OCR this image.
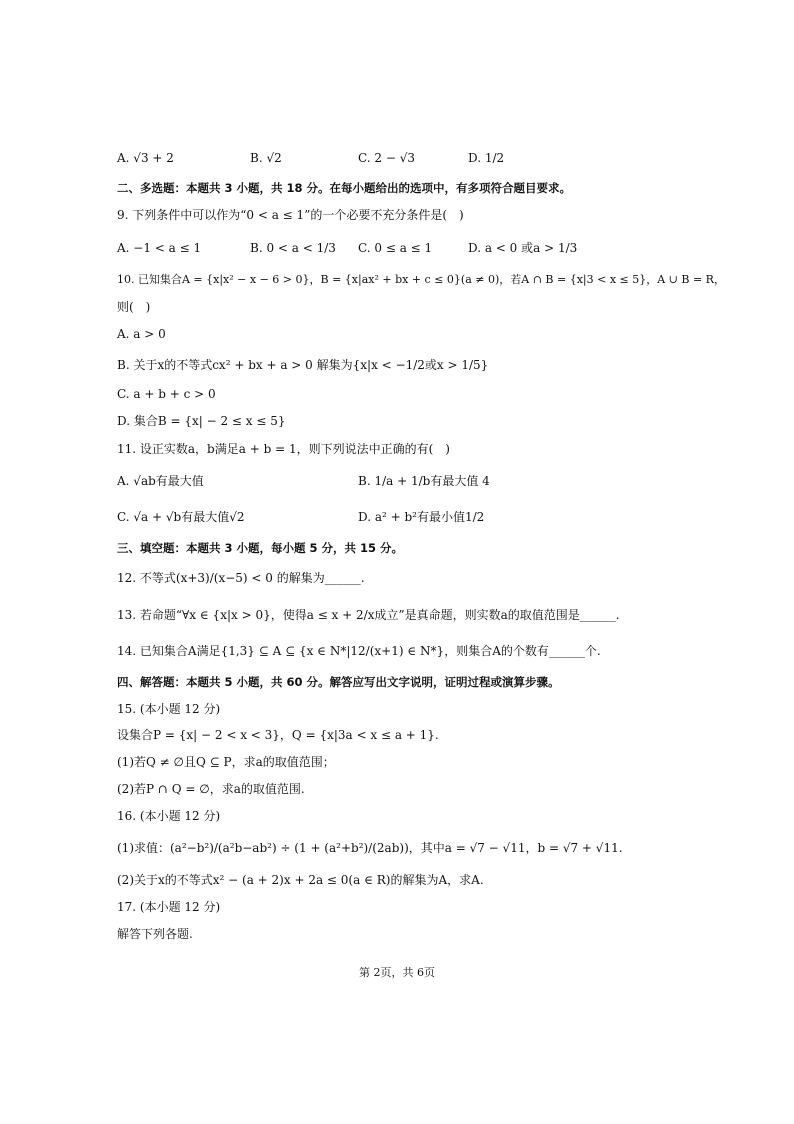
A. √3 + 2	B. √2	C. 2 − √3	D. 1/2
二、多选题：本题共 3 小题，共 18 分。在每小题给出的选项中，有多项符合题目要求。
9. 下列条件中可以作为“0 < a ≤ 1”的一个必要不充分条件是(　)
A. −1 < a ≤ 1	B. 0 < a < 1/3 C. 0 ≤ a ≤ 1	D. a < 0 或a > 1/3
10. 已知集合A = {x|x² − x − 6 > 0}，B = {x|ax² + bx + c ≤ 0}(a ≠ 0)，若A ∩ B = {x|3 < x ≤ 5}，A ∪ B = R，
则(　)
A. a > 0
B. 关于x的不等式cx² + bx + a > 0 解集为{x|x < −1/2或x > 1/5}
C. a + b + c > 0
D. 集合B = {x| − 2 ≤ x ≤ 5}
11. 设正实数a，b满足a + b = 1，则下列说法中正确的有(　)
A. √ab有最大值	B. 1/a + 1/b有最大值 4
C. √a + √b有最大值√2	D. a² + b²有最小值1/2
三、填空题：本题共 3 小题，每小题 5 分，共 15 分。
12. 不等式(x+3)/(x−5) < 0 的解集为______.
13. 若命题“∀x ∈ {x|x > 0}，使得a ≤ x + 2/x成立”是真命题，则实数a的取值范围是______.
14. 已知集合A满足{1,3} ⊆ A ⊆ {x ∈ N*|12/(x+1) ∈ N*}，则集合A的个数有______个.
四、解答题：本题共 5 小题，共 60 分。解答应写出文字说明，证明过程或演算步骤。
15. (本小题 12 分)
设集合P = {x| − 2 < x < 3}，Q = {x|3a < x ≤ a + 1}.
(1)若Q ≠ ∅且Q ⊆ P，求a的取值范围；
(2)若P ∩ Q = ∅，求a的取值范围.
16. (本小题 12 分)
(1)求值：(a²−b²)/(a²b−ab²) ÷ (1 + (a²+b²)/(2ab))，其中a = √7 − √11，b = √7 + √11.
(2)关于x的不等式x² − (a + 2)x + 2a ≤ 0(a ∈ R)的解集为A，求A.
17. (本小题 12 分)
解答下列各题.
第 2页，共 6页
